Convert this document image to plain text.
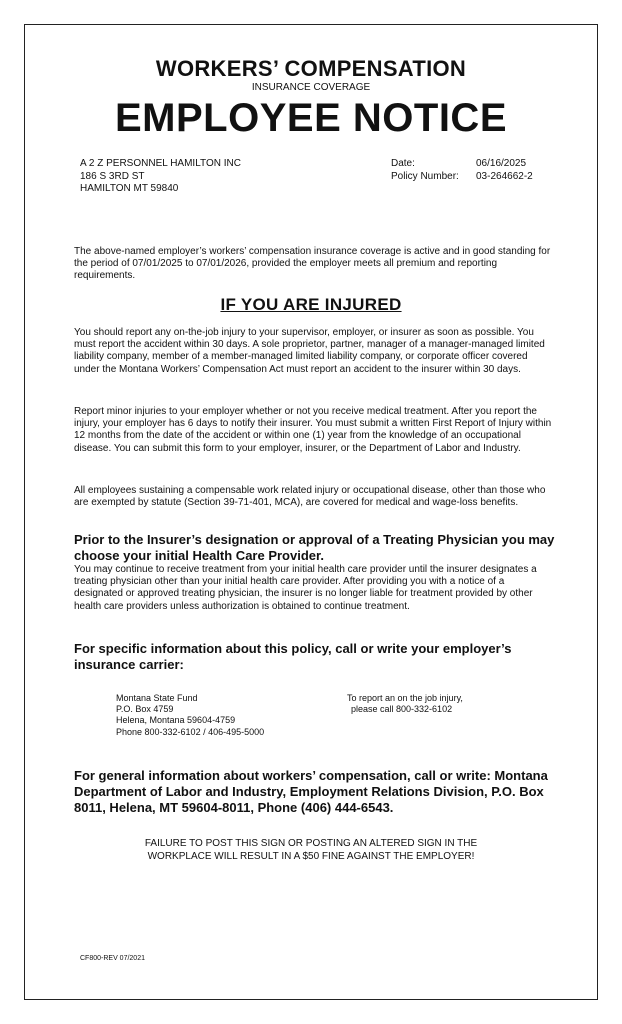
WORKERS’ COMPENSATION
INSURANCE COVERAGE
EMPLOYEE NOTICE
A 2 Z PERSONNEL HAMILTON INC
186 S 3RD ST
HAMILTON MT 59840
Date:	06/16/2025
Policy Number:	03-264662-2
The above-named employer’s workers’ compensation insurance coverage is active and in good standing for the period of 07/01/2025 to 07/01/2026, provided the employer meets all premium and reporting requirements.
IF YOU ARE INJURED
You should report any on-the-job injury to your supervisor, employer, or insurer as soon as possible. You must report the accident within 30 days. A sole proprietor, partner, manager of a manager-managed limited liability company, member of a member-managed limited liability company, or corporate officer covered under the Montana Workers’ Compensation Act must report an accident to the insurer within 30 days.
Report minor injuries to your employer whether or not you receive medical treatment. After you report the injury, your employer has 6 days to notify their insurer. You must submit a written First Report of Injury within 12 months from the date of the accident or within one (1) year from the knowledge of an occupational disease. You can submit this form to your employer, insurer, or the Department of Labor and Industry.
All employees sustaining a compensable work related injury or occupational disease, other than those who are exempted by statute (Section 39-71-401, MCA), are covered for medical and wage-loss benefits.
Prior to the Insurer’s designation or approval of a Treating Physician you may choose your initial Health Care Provider.
You may continue to receive treatment from your initial health care provider until the insurer designates a treating physician other than your initial health care provider. After providing you with a notice of a designated or approved treating physician, the insurer is no longer liable for treatment provided by other health care providers unless authorization is obtained to continue treatment.
For specific information about this policy, call or write your employer’s insurance carrier:
Montana State Fund
P.O. Box 4759
Helena, Montana 59604-4759
Phone 800-332-6102 / 406-495-5000
To report an on the job injury,
please call 800-332-6102
For general information about workers’ compensation, call or write: Montana Department of Labor and Industry, Employment Relations Division, P.O. Box 8011, Helena, MT 59604-8011, Phone (406) 444-6543.
FAILURE TO POST THIS SIGN OR POSTING AN ALTERED SIGN IN THE
WORKPLACE WILL RESULT IN A $50 FINE AGAINST THE EMPLOYER!
CF800-REV 07/2021
